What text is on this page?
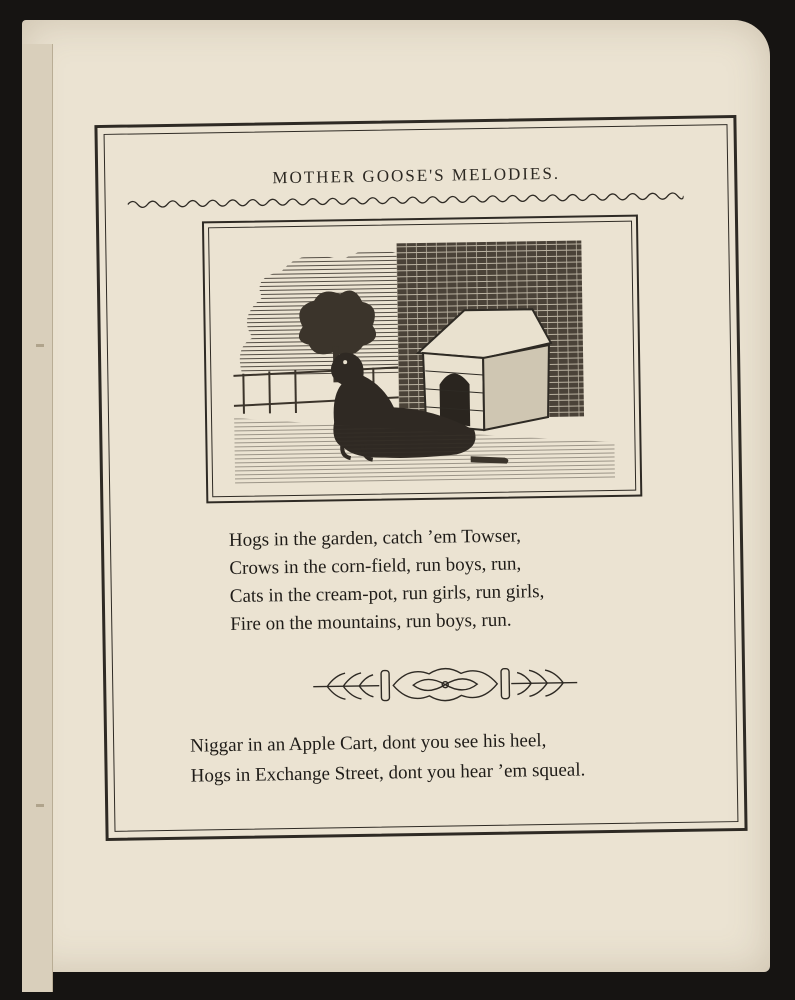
MOTHER GOOSE'S MELODIES.
Hogs in the garden, catch ’em Towser,
Crows in the corn-field, run boys, run,
Cats in the cream-pot, run girls, run girls,
Fire on the mountains, run boys, run.
Niggar in an Apple Cart, dont you see his heel,
Hogs in Exchange Street, dont you hear ’em squeal.
